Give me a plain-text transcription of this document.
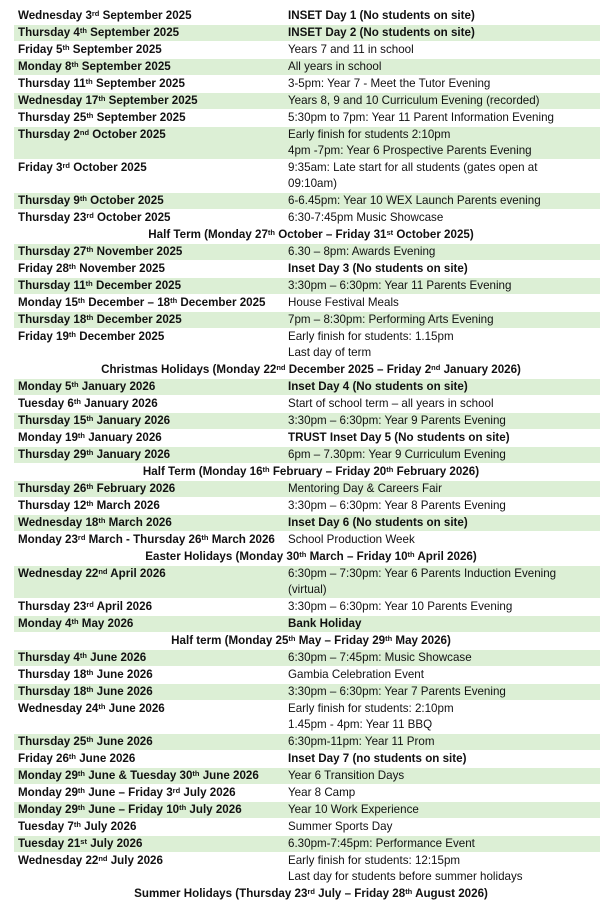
Wednesday 3rd September 2025	INSET Day 1 (No students on site)

Thursday 4th September 2025	INSET Day 2 (No students on site)

Friday 5th September 2025	Years 7 and 11 in school

Monday 8th September 2025	All years in school

Thursday 11th September 2025	3-5pm: Year 7 - Meet the Tutor Evening

Wednesday 17th September 2025	Years 8, 9 and 10 Curriculum Evening (recorded)

Thursday 25th September 2025	5:30pm to 7pm: Year 11 Parent Information Evening

Thursday 2nd October 2025	Early finish for students 2:10pm
4pm -7pm: Year 6 Prospective Parents Evening

Friday 3rd October 2025	9:35am: Late start for all students (gates open at
09:10am)

Thursday 9th October 2025	6-6.45pm: Year 10 WEX Launch Parents evening

Thursday 23rd October 2025	6:30-7:45pm Music Showcase

Half Term (Monday 27th October – Friday 31st October 2025)	
Thursday 27th November 2025	6.30 – 8pm: Awards Evening

Friday 28th November 2025	Inset Day 3 (No students on site)

Thursday 11th December 2025	3:30pm – 6:30pm: Year 11 Parents Evening

Monday 15th December – 18th December 2025	House Festival Meals

Thursday 18th December 2025	7pm – 8:30pm: Performing Arts Evening

Friday 19th December 2025	Early finish for students: 1.15pm
Last day of term

Christmas Holidays (Monday 22nd December 2025 – Friday 2nd January 2026)	
Monday 5th January 2026	Inset Day 4 (No students on site)

Tuesday 6th January 2026	Start of school term – all years in school

Thursday 15th January 2026	3:30pm – 6:30pm: Year 9 Parents Evening

Monday 19th January 2026	TRUST Inset Day 5 (No students on site)

Thursday 29th January 2026	6pm – 7.30pm: Year 9 Curriculum Evening

Half Term (Monday 16th February – Friday 20th February 2026)	
Thursday 26th February 2026	Mentoring Day & Careers Fair

Thursday 12th March 2026	3:30pm – 6:30pm: Year 8 Parents Evening

Wednesday 18th March 2026	Inset Day 6 (No students on site)

Monday 23rd March - Thursday 26th March 2026	School Production Week

Easter Holidays (Monday 30th March – Friday 10th April 2026)	
Wednesday 22nd April 2026	6:30pm – 7:30pm: Year 6 Parents Induction Evening
(virtual)

Thursday 23rd April 2026	3:30pm – 6:30pm: Year 10 Parents Evening

Monday 4th May 2026	Bank Holiday

Half term (Monday 25th May – Friday 29th May 2026)	
Thursday 4th June 2026	6:30pm – 7:45pm: Music Showcase

Thursday 18th June 2026	Gambia Celebration Event

Thursday 18th June 2026	3:30pm – 6:30pm: Year 7 Parents Evening

Wednesday 24th June 2026	Early finish for students: 2:10pm
1.45pm - 4pm: Year 11 BBQ

Thursday 25th June 2026	6:30pm-11pm: Year 11 Prom

Friday 26th June 2026	Inset Day 7 (no students on site)

Monday 29th June & Tuesday 30th June 2026	Year 6 Transition Days

Monday 29th June – Friday 3rd July 2026	Year 8 Camp

Monday 29th June – Friday 10th July 2026	Year 10 Work Experience

Tuesday 7th July 2026	Summer Sports Day

Tuesday 21st July 2026	6.30pm-7:45pm: Performance Event

Wednesday 22nd July 2026	Early finish for students: 12:15pm
Last day for students before summer holidays

Summer Holidays (Thursday 23rd July – Friday 28th August 2026)	
